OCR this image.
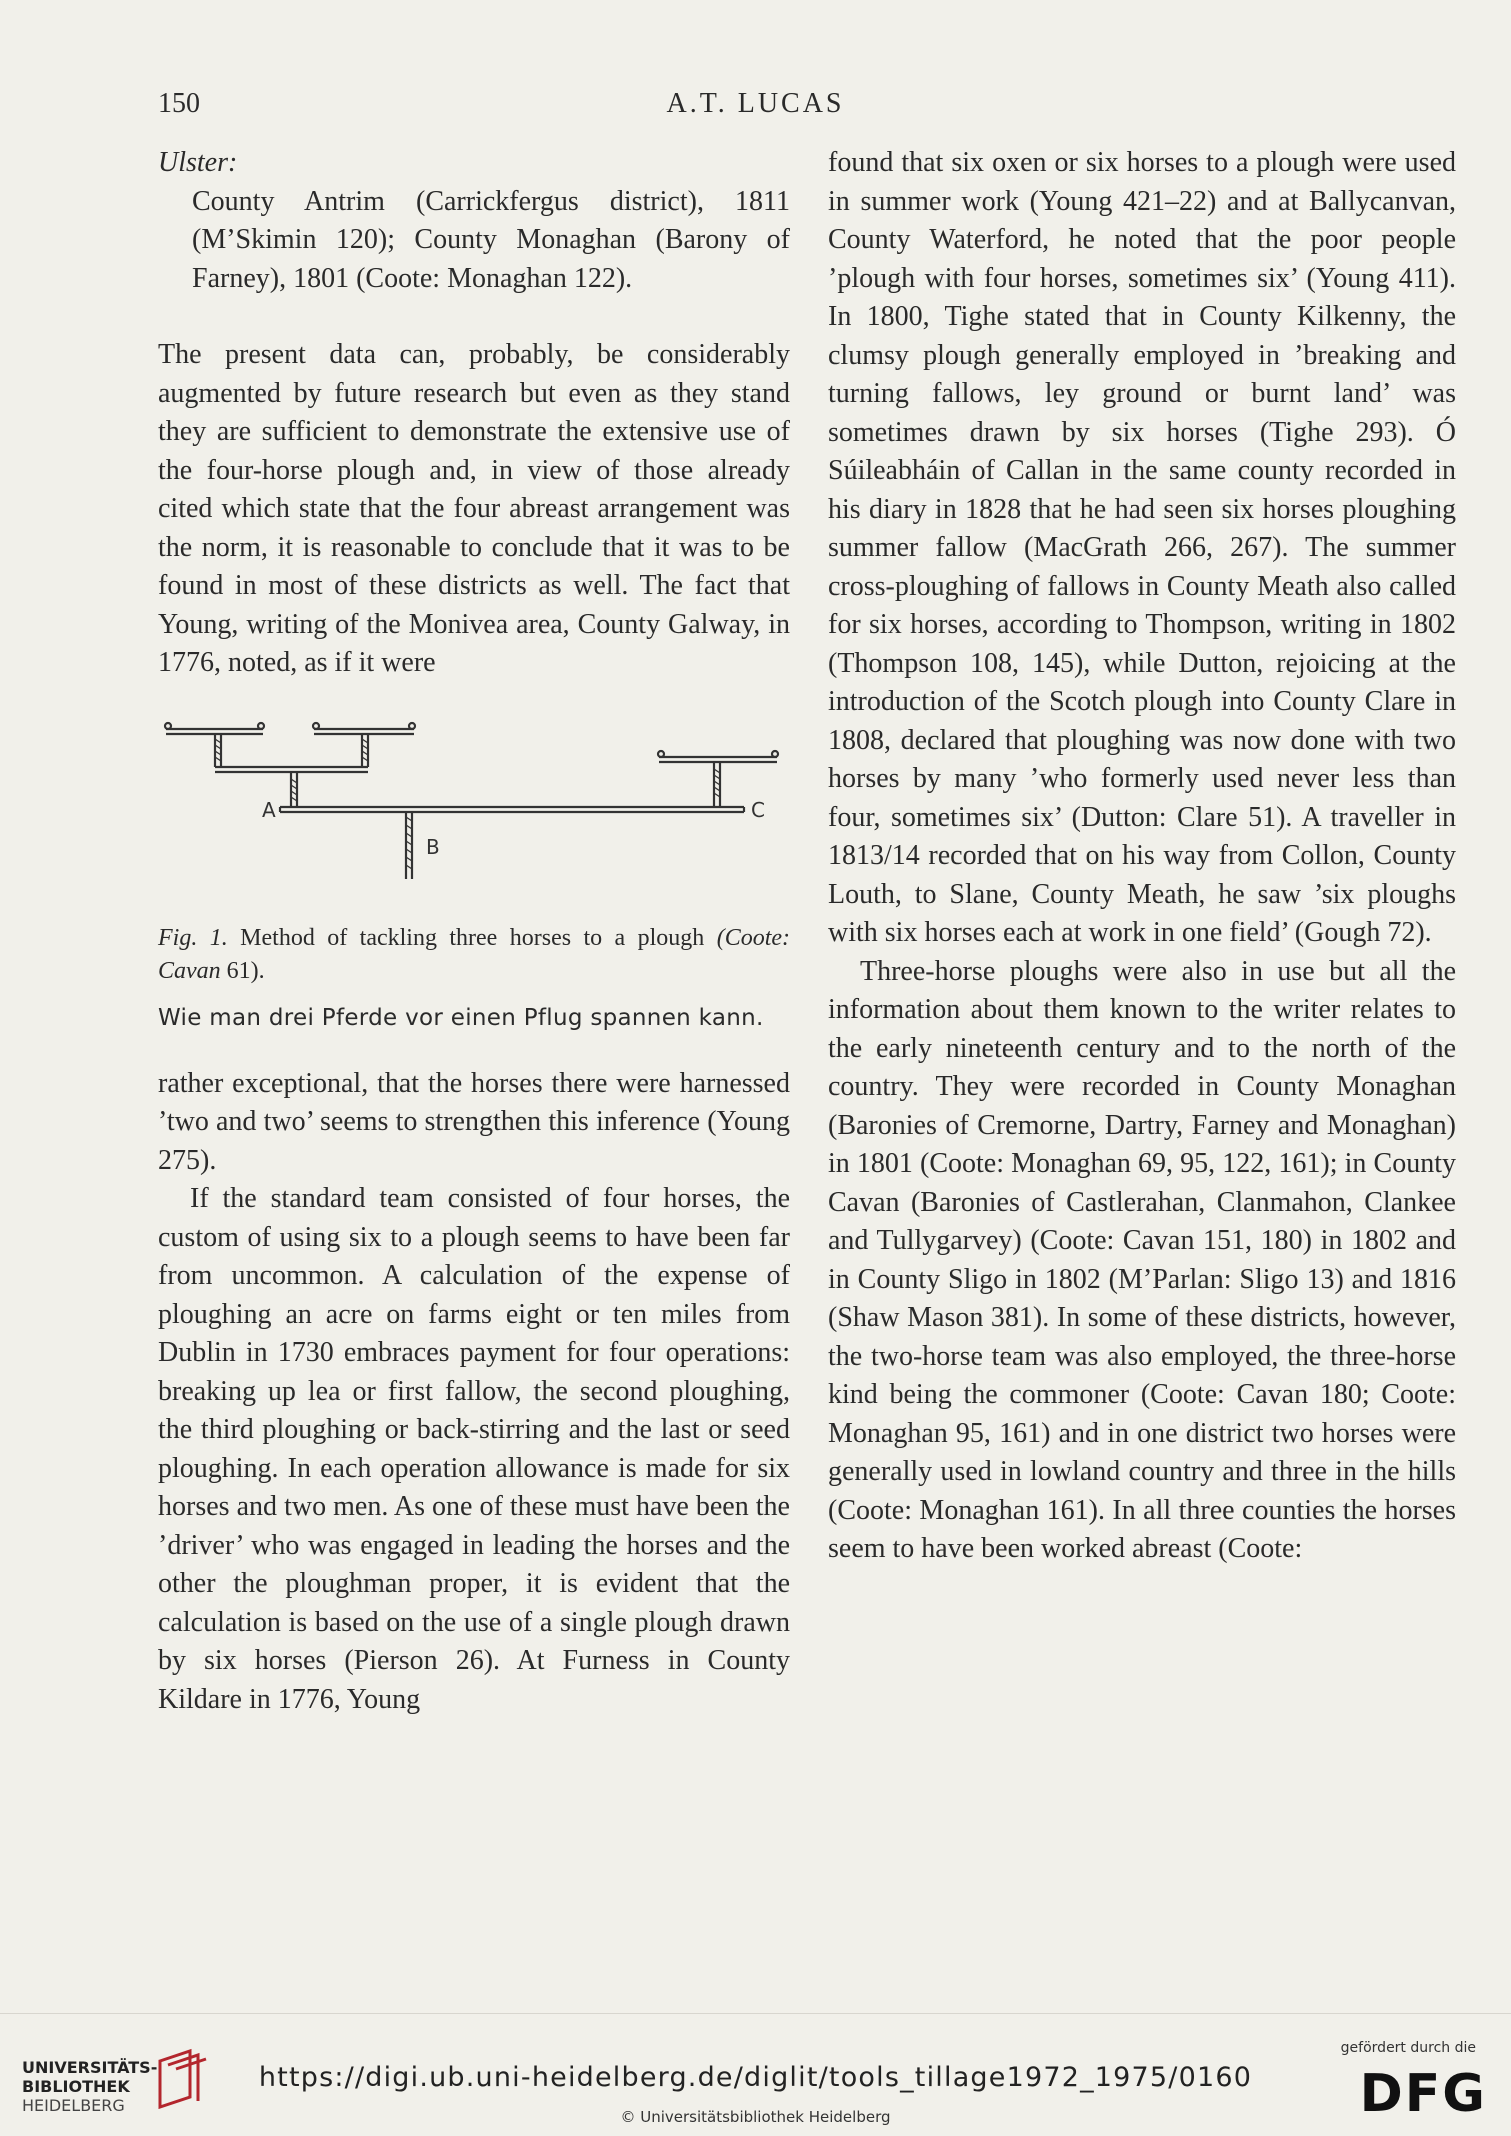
150	A.T. LUCAS

Ulster:

County Antrim (Carrickfergus district), 1811 (M’Skimin 120); County Monaghan (Barony of Farney), 1801 (Coote: Monaghan 122).

The present data can, probably, be considerably augmented by future research but even as they stand they are sufficient to demonstrate the extensive use of the four-horse plough and, in view of those already cited which state that the four abreast arrangement was the norm, it is reasonable to conclude that it was to be found in most of these districts as well. The fact that Young, writing of the Monivea area, County Galway, in 1776, noted, as if it were

A
B
C

Fig. 1. Method of tackling three horses to a plough (Coote: Cavan 61).

Wie man drei Pferde vor einen Pflug spannen kann.

rather exceptional, that the horses there were harnessed ’two and two’ seems to strengthen this inference (Young 275).

If the standard team consisted of four horses, the custom of using six to a plough seems to have been far from uncommon. A calculation of the expense of ploughing an acre on farms eight or ten miles from Dublin in 1730 embraces payment for four operations: breaking up lea or first fallow, the second ploughing, the third ploughing or back-stirring and the last or seed ploughing. In each operation allowance is made for six horses and two men. As one of these must have been the ’driver’ who was engaged in leading the horses and the other the ploughman proper, it is evident that the calculation is based on the use of a single plough drawn by six horses (Pierson 26). At Furness in County Kildare in 1776, Young

found that six oxen or six horses to a plough were used in summer work (Young 421–22) and at Ballycanvan, County Waterford, he noted that the poor people ’plough with four horses, sometimes six’ (Young 411). In 1800, Tighe stated that in County Kilkenny, the clumsy plough generally employed in ’breaking and turning fallows, ley ground or burnt land’ was sometimes drawn by six horses (Tighe 293). Ó Súileabháin of Callan in the same county recorded in his diary in 1828 that he had seen six horses ploughing summer fallow (MacGrath 266, 267). The summer cross-ploughing of fallows in County Meath also called for six horses, according to Thompson, writing in 1802 (Thompson 108, 145), while Dutton, rejoicing at the introduction of the Scotch plough into County Clare in 1808, declared that ploughing was now done with two horses by many ’who formerly used never less than four, sometimes six’ (Dutton: Clare 51). A traveller in 1813/14 recorded that on his way from Collon, County Louth, to Slane, County Meath, he saw ’six ploughs with six horses each at work in one field’ (Gough 72).

Three-horse ploughs were also in use but all the information about them known to the writer relates to the early nineteenth century and to the north of the country. They were recorded in County Monaghan (Baronies of Cremorne, Dartry, Farney and Monaghan) in 1801 (Coote: Monaghan 69, 95, 122, 161); in County Cavan (Baronies of Castlerahan, Clanmahon, Clankee and Tullygarvey) (Coote: Cavan 151, 180) in 1802 and in County Sligo in 1802 (M’Parlan: Sligo 13) and 1816 (Shaw Mason 381). In some of these districts, however, the two-horse team was also employed, the three-horse kind being the commoner (Coote: Cavan 180; Coote: Monaghan 95, 161) and in one district two horses were generally used in lowland country and three in the hills (Coote: Monaghan 161). In all three counties the horses seem to have been worked abreast (Coote:

UNIVERSITÄTS-
BIBLIOTHEK
HEIDELBERG
https://digi.ub.uni-heidelberg.de/diglit/tools_tillage1972_1975/0160
© Universitätsbibliothek Heidelberg
gefördert durch die
DFG
